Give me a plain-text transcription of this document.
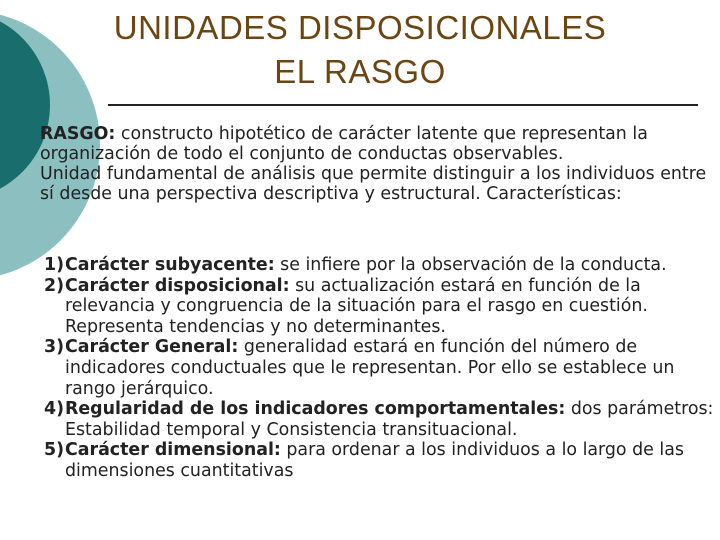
UNIDADES DISPOSICIONALES
EL RASGO
✓	RASGO: constructo hipotético de carácter latente que representan la organización de todo el conjunto de conductas observables.
✓	Unidad fundamental de análisis que permite distinguir a los individuos entre sí desde una perspectiva descriptiva y estructural. Características:
1) Carácter subyacente: se infiere por la observación de la conducta.
2) Carácter disposicional: su actualización estará en función de la relevancia y congruencia de la situación para el rasgo en cuestión. Representa tendencias y no determinantes.
3) Carácter General: generalidad estará en función del número de indicadores conductuales que le representan. Por ello se establece un rango jerárquico.
4) Regularidad de los indicadores comportamentales: dos parámetros: Estabilidad temporal y Consistencia transituacional.
5) Carácter dimensional: para ordenar a los individuos a lo largo de las dimensiones cuantitativas
